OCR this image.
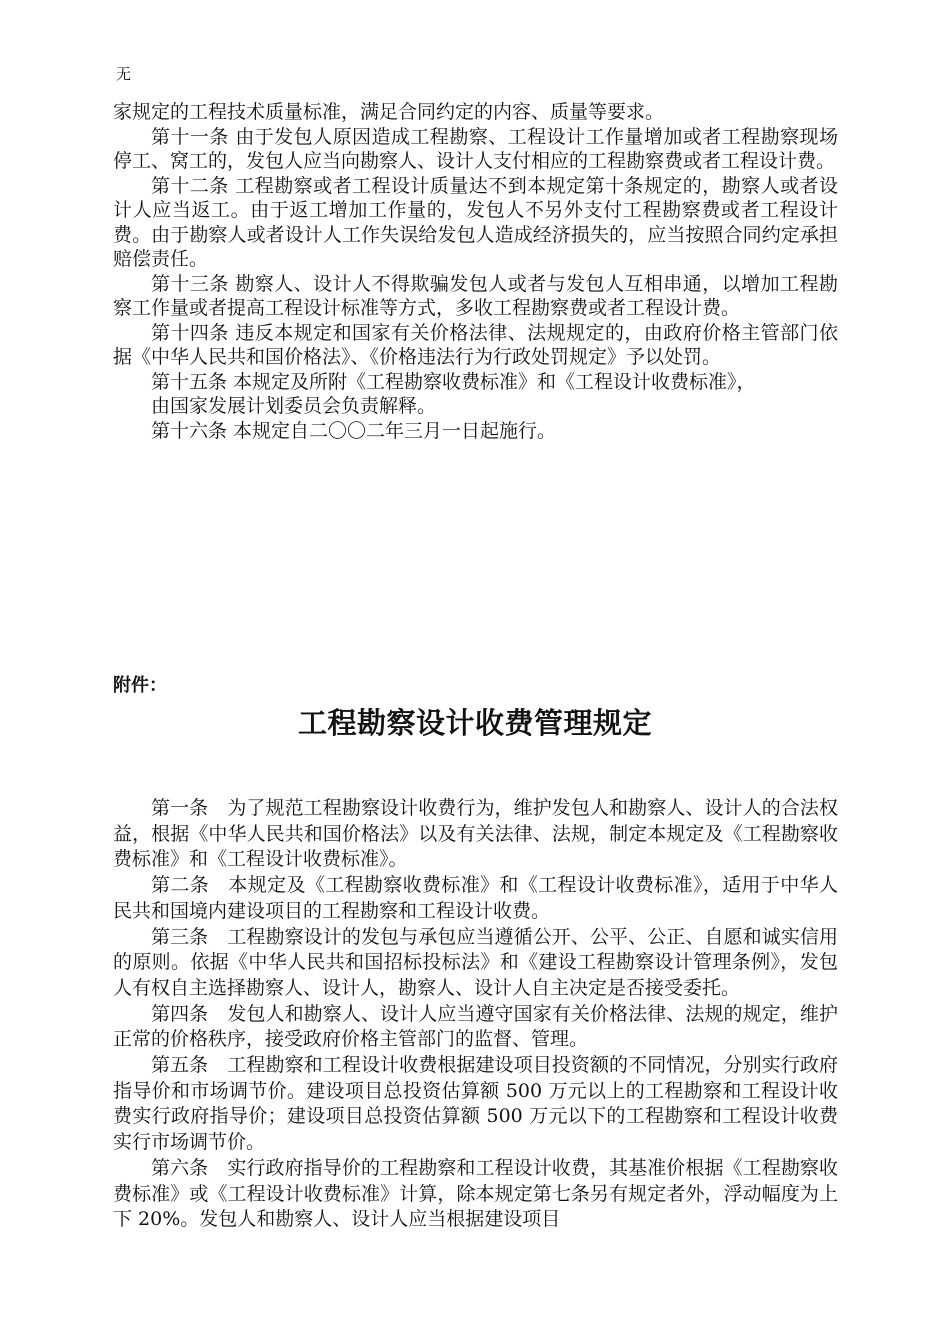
无

家规定的工程技术质量标准，满足合同约定的内容、质量等要求。

第十一条 由于发包人原因造成工程勘察、工程设计工作量增加或者工程勘察现场停工、窝工的，发包人应当向勘察人、设计人支付相应的工程勘察费或者工程设计费。

第十二条 工程勘察或者工程设计质量达不到本规定第十条规定的，勘察人或者设计人应当返工。由于返工增加工作量的，发包人不另外支付工程勘察费或者工程设计费。由于勘察人或者设计人工作失误给发包人造成经济损失的，应当按照合同约定承担赔偿责任。

第十三条 勘察人、设计人不得欺骗发包人或者与发包人互相串通，以增加工程勘察工作量或者提高工程设计标准等方式，多收工程勘察费或者工程设计费。

第十四条 违反本规定和国家有关价格法律、法规规定的，由政府价格主管部门依据《中华人民共和国价格法》、《价格违法行为行政处罚规定》予以处罚。

第十五条 本规定及所附《工程勘察收费标准》和《工程设计收费标准》，

由国家发展计划委员会负责解释。

第十六条 本规定自二〇〇二年三月一日起施行。

附件：
工程勘察设计收费管理规定

第一条　为了规范工程勘察设计收费行为，维护发包人和勘察人、设计人的合法权益，根据《中华人民共和国价格法》以及有关法律、法规，制定本规定及《工程勘察收费标准》和《工程设计收费标准》。

第二条　本规定及《工程勘察收费标准》和《工程设计收费标准》，适用于中华人民共和国境内建设项目的工程勘察和工程设计收费。

第三条　工程勘察设计的发包与承包应当遵循公开、公平、公正、自愿和诚实信用的原则。依据《中华人民共和国招标投标法》和《建设工程勘察设计管理条例》，发包人有权自主选择勘察人、设计人，勘察人、设计人自主决定是否接受委托。

第四条　发包人和勘察人、设计人应当遵守国家有关价格法律、法规的规定，维护正常的价格秩序，接受政府价格主管部门的监督、管理。

第五条　工程勘察和工程设计收费根据建设项目投资额的不同情况，分别实行政府指导价和市场调节价。建设项目总投资估算额 500 万元以上的工程勘察和工程设计收费实行政府指导价；建设项目总投资估算额 500 万元以下的工程勘察和工程设计收费实行市场调节价。

第六条　实行政府指导价的工程勘察和工程设计收费，其基准价根据《工程勘察收费标准》或《工程设计收费标准》计算，除本规定第七条另有规定者外，浮动幅度为上下 20%。发包人和勘察人、设计人应当根据建设项目
